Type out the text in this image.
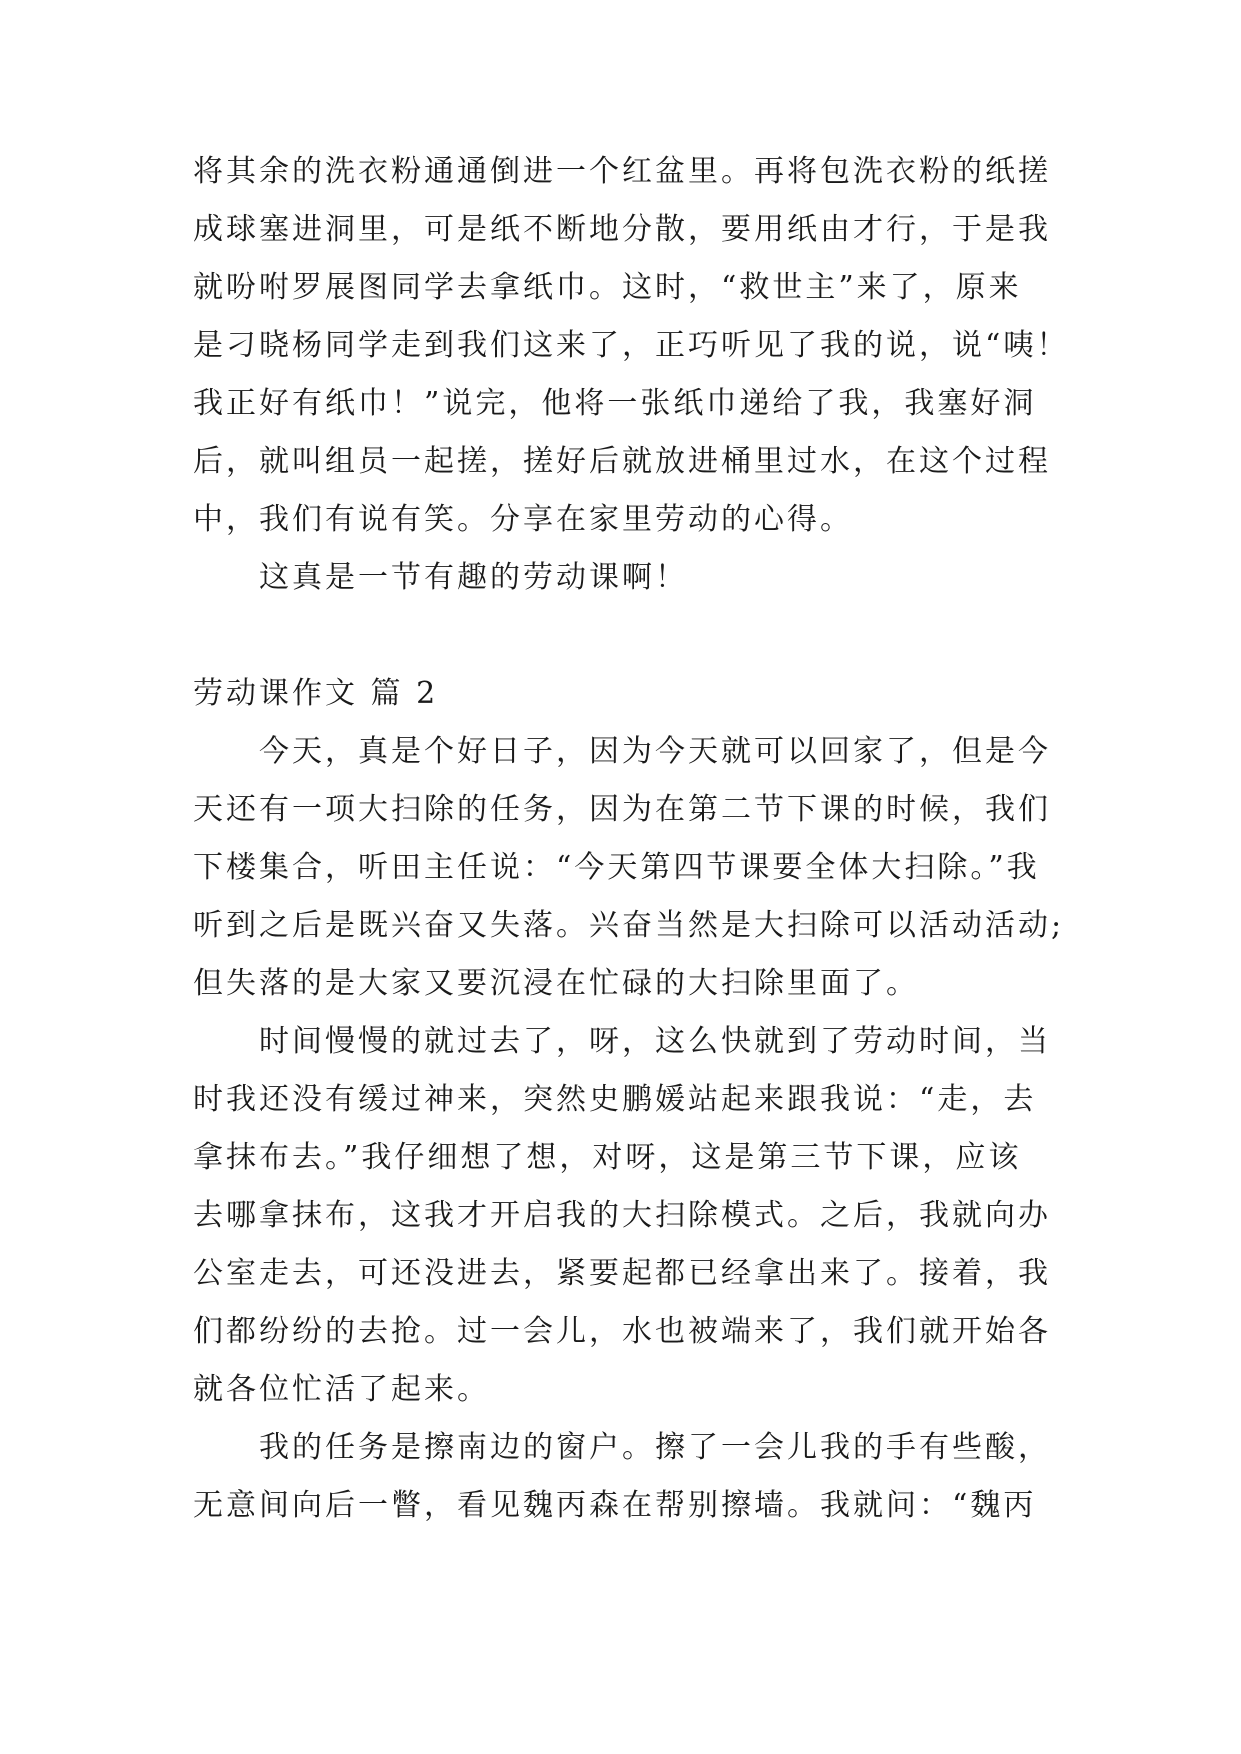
将其余的洗衣粉通通倒进一个红盆里。再将包洗衣粉的纸搓
成球塞进洞里，可是纸不断地分散，要用纸由才行，于是我
就吩咐罗展图同学去拿纸巾。这时，“救世主”来了，原来
是刁晓杨同学走到我们这来了，正巧听见了我的说，说“咦！
我正好有纸巾！”说完，他将一张纸巾递给了我，我塞好洞
后，就叫组员一起搓，搓好后就放进桶里过水，在这个过程
中，我们有说有笑。分享在家里劳动的心得。
这真是一节有趣的劳动课啊！
劳动课作文 篇 2
今天，真是个好日子，因为今天就可以回家了，但是今
天还有一项大扫除的任务，因为在第二节下课的时候，我们
下楼集合，听田主任说：“今天第四节课要全体大扫除。”我
听到之后是既兴奋又失落。兴奋当然是大扫除可以活动活动;
但失落的是大家又要沉浸在忙碌的大扫除里面了。
时间慢慢的就过去了，呀，这么快就到了劳动时间，当
时我还没有缓过神来，突然史鹏媛站起来跟我说：“走，去
拿抹布去。”我仔细想了想，对呀，这是第三节下课，应该
去哪拿抹布，这我才开启我的大扫除模式。之后，我就向办
公室走去，可还没进去，紧要起都已经拿出来了。接着，我
们都纷纷的去抢。过一会儿，水也被端来了，我们就开始各
就各位忙活了起来。
我的任务是擦南边的窗户。擦了一会儿我的手有些酸，
无意间向后一瞥，看见魏丙森在帮别擦墙。我就问：“魏丙
